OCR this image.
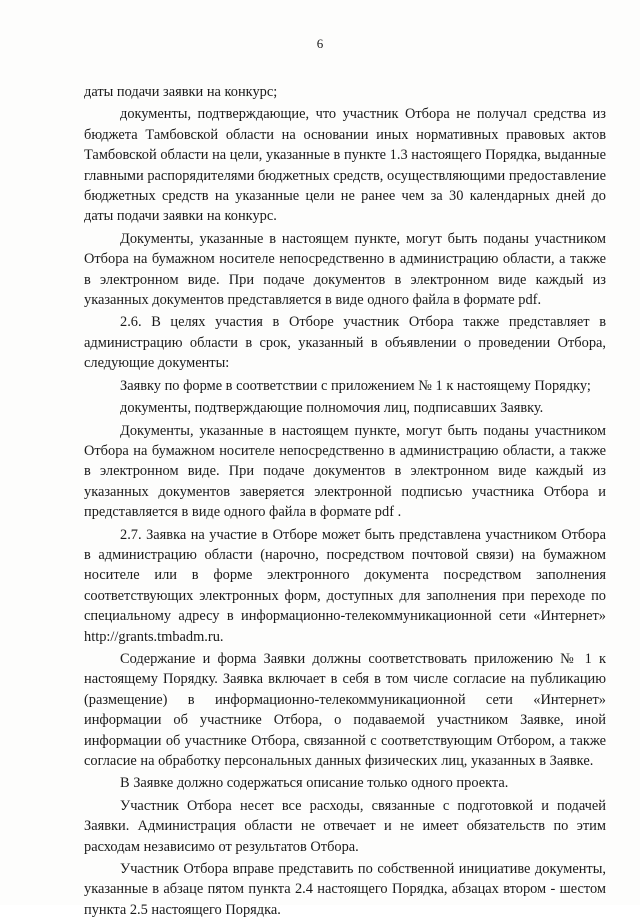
6

даты подачи заявки на конкурс;

документы, подтверждающие, что участник Отбора не получал средства из бюджета Тамбовской области на основании иных нормативных правовых актов Тамбовской области на цели, указанные в пункте 1.3 настоящего Порядка, выданные главными распорядителями бюджетных средств, осуществляющими предоставление бюджетных средств на указанные цели не ранее чем за 30 календарных дней до даты подачи заявки на конкурс.

Документы, указанные в настоящем пункте, могут быть поданы участником Отбора на бумажном носителе непосредственно в администрацию области, а также в электронном виде. При подаче документов в электронном виде каждый из указанных документов представляется в виде одного файла в формате pdf.

2.6. В целях участия в Отборе участник Отбора также представляет в администрацию области в срок, указанный в объявлении о проведении Отбора, следующие документы:

Заявку по форме в соответствии с приложением № 1 к настоящему Порядку;

документы, подтверждающие полномочия лиц, подписавших Заявку.

Документы, указанные в настоящем пункте, могут быть поданы участником Отбора на бумажном носителе непосредственно в администрацию области, а также в электронном виде. При подаче документов в электронном виде каждый из указанных документов заверяется электронной подписью участника Отбора и представляется в виде одного файла в формате pdf .

2.7. Заявка на участие в Отборе может быть представлена участником Отбора в администрацию области (нарочно, посредством почтовой связи) на бумажном носителе или в форме электронного документа посредством заполнения соответствующих электронных форм, доступных для заполнения при переходе по специальному адресу в информационно-телекоммуникационной сети «Интернет» http://grants.tmbadm.ru.

Содержание и форма Заявки должны соответствовать приложению № 1 к настоящему Порядку. Заявка включает в себя в том числе согласие на публикацию (размещение) в информационно-телекоммуникационной сети «Интернет» информации об участнике Отбора, о подаваемой участником Заявке, иной информации об участнике Отбора, связанной с соответствующим Отбором, а также согласие на обработку персональных данных физических лиц, указанных в Заявке.

В Заявке должно содержаться описание только одного проекта.

Участник Отбора несет все расходы, связанные с подготовкой и подачей Заявки. Администрация области не отвечает и не имеет обязательств по этим расходам независимо от результатов Отбора.

Участник Отбора вправе представить по собственной инициативе документы, указанные в абзаце пятом пункта 2.4 настоящего Порядка, абзацах втором - шестом пункта 2.5 настоящего Порядка.
